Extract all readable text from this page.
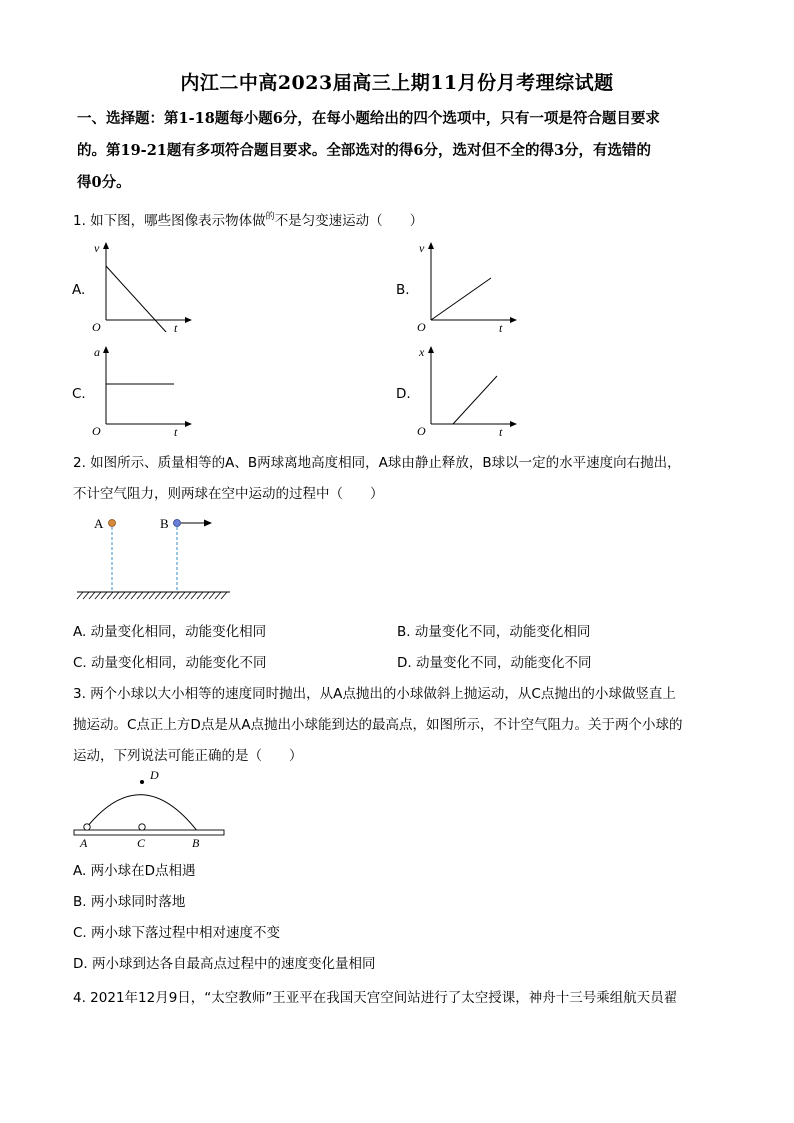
内江二中高2023届高三上期11月份月考理综试题
一、选择题：第1-18题每小题6分，在每小题给出的四个选项中，只有一项是符合题目要求
的。第19-21题有多项符合题目要求。全部选对的得6分，选对但不全的得3分，有选错的
得0分。
1. 如下图，哪些图像表示物体做$^的$不是匀变速运动（　　）
A.	B.
C.	D.
v
t
O
v
t
O
a
t
O
x
t
O
2. 如图所示、质量相等的A、B两球离地高度相同，A球由静止释放，B球以一定的水平速度向右抛出，
不计空气阻力，则两球在空中运动的过程中（　　）
A	B
A. 动量变化相同，动能变化相同	B. 动量变化不同，动能变化相同
C. 动量变化相同，动能变化不同	D. 动量变化不同，动能变化不同
3. 两个小球以大小相等的速度同时抛出，从A点抛出的小球做斜上抛运动，从C点抛出的小球做竖直上
抛运动。C点正上方D点是从A点抛出小球能到达的最高点，如图所示，不计空气阻力。关于两个小球的
运动，下列说法可能正确的是（　　）
D
A	C	B
A. 两小球在D点相遇
B. 两小球同时落地
C. 两小球下落过程中相对速度不变
D. 两小球到达各自最高点过程中的速度变化量相同
4. 2021年12月9日，“太空教师”王亚平在我国天宫空间站进行了太空授课，神舟十三号乘组航天员翟
